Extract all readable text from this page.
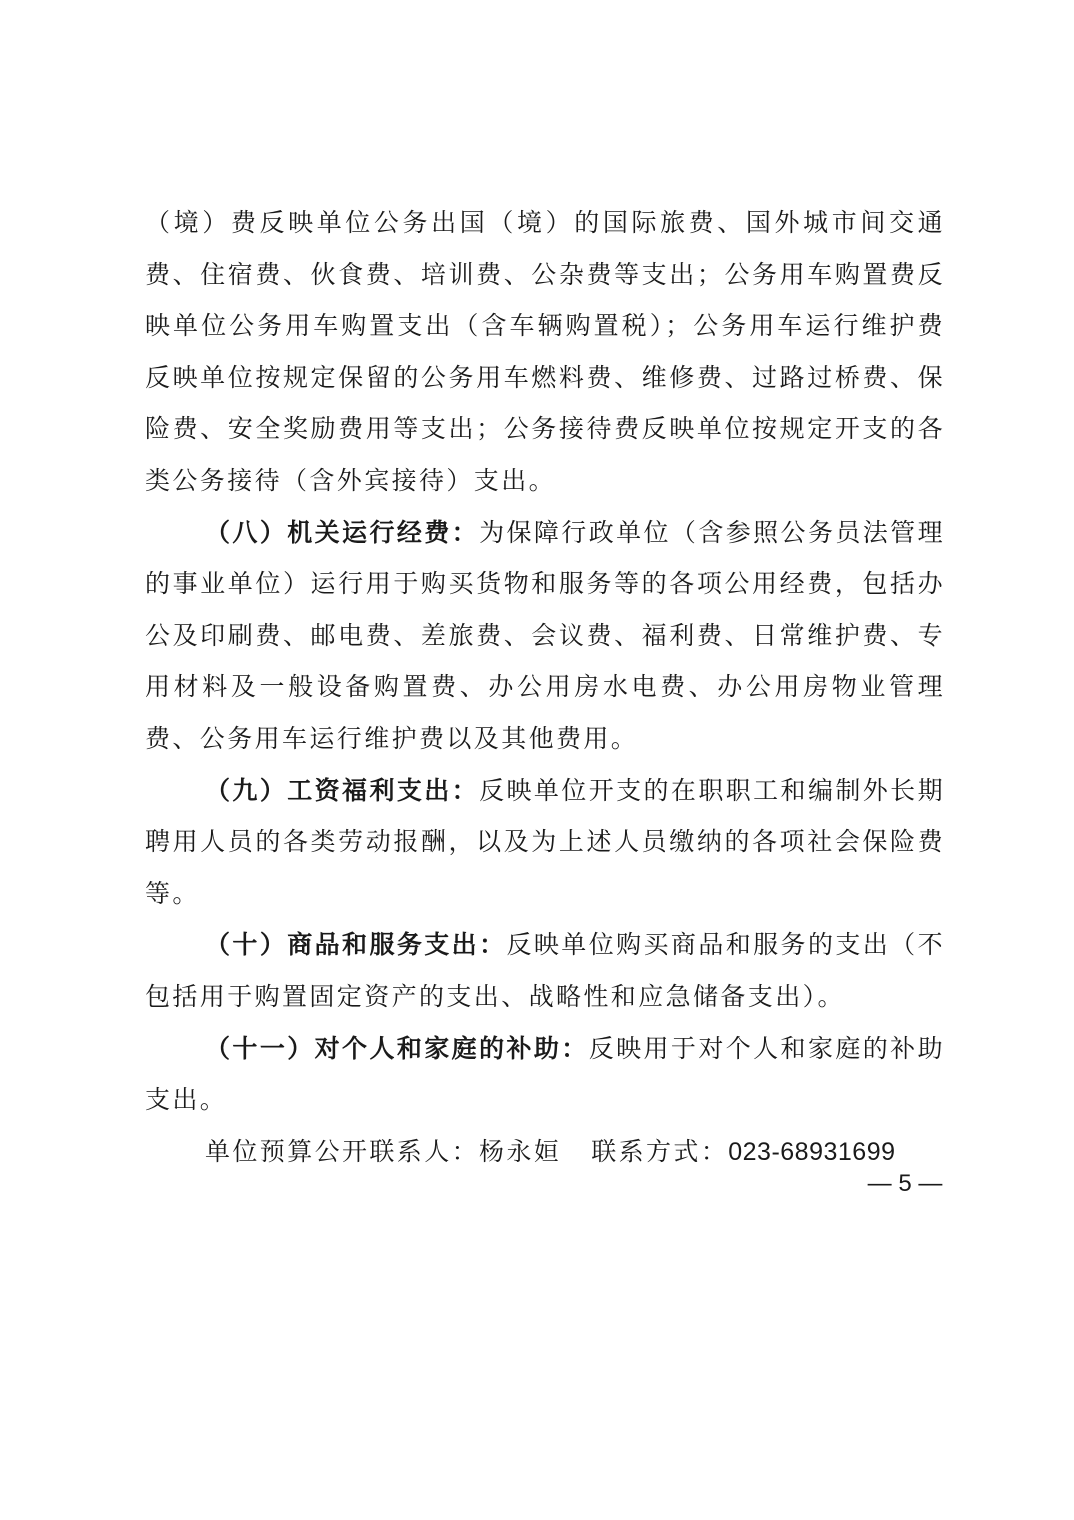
（境）费反映单位公务出国（境）的国际旅费、国外城市间交通费、住宿费、伙食费、培训费、公杂费等支出；公务用车购置费反映单位公务用车购置支出（含车辆购置税）；公务用车运行维护费反映单位按规定保留的公务用车燃料费、维修费、过路过桥费、保险费、安全奖励费用等支出；公务接待费反映单位按规定开支的各类公务接待（含外宾接待）支出。

（八）机关运行经费：为保障行政单位（含参照公务员法管理的事业单位）运行用于购买货物和服务等的各项公用经费，包括办公及印刷费、邮电费、差旅费、会议费、福利费、日常维护费、专用材料及一般设备购置费、办公用房水电费、办公用房物业管理费、公务用车运行维护费以及其他费用。

（九）工资福利支出：反映单位开支的在职职工和编制外长期聘用人员的各类劳动报酬，以及为上述人员缴纳的各项社会保险费等。

（十）商品和服务支出：反映单位购买商品和服务的支出（不包括用于购置固定资产的支出、战略性和应急储备支出）。

（十一）对个人和家庭的补助：反映用于对个人和家庭的补助支出。

单位预算公开联系人：杨永姮 联系方式：023-68931699

— 5 —
